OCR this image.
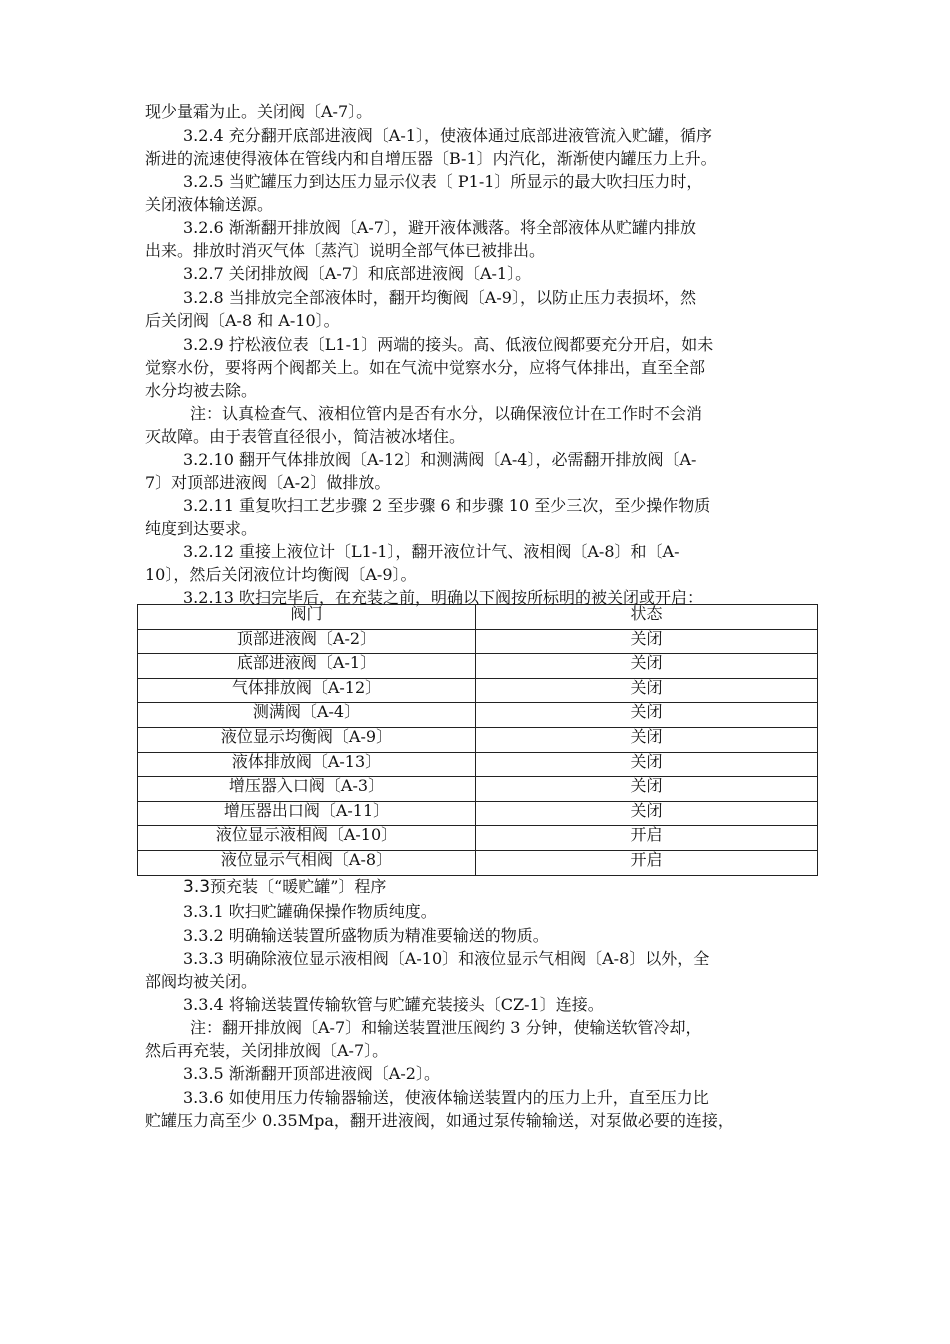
现少量霜为止。关闭阀〔A-7〕。

3.2.4 充分翻开底部进液阀〔A-1〕，使液体通过底部进液管流入贮罐，循序

渐进的流速使得液体在管线内和自增压器〔B-1〕内汽化，渐渐使内罐压力上升。

3.2.5 当贮罐压力到达压力显示仪表〔 P1-1〕所显示的最大吹扫压力时，

关闭液体输送源。

3.2.6 渐渐翻开排放阀〔A-7〕，避开液体溅落。将全部液体从贮罐内排放

出来。排放时消灭气体〔蒸汽〕说明全部气体已被排出。

3.2.7 关闭排放阀〔A-7〕和底部进液阀〔A-1〕。

3.2.8 当排放完全部液体时，翻开均衡阀〔A-9〕，以防止压力表损坏，然

后关闭阀〔A-8 和 A-10〕。

3.2.9 拧松液位表〔L1-1〕两端的接头。高、低液位阀都要充分开启，如未

觉察水份，要将两个阀都关上。如在气流中觉察水分，应将气体排出，直至全部

水分均被去除。

注：认真检查气、液相位管内是否有水分，以确保液位计在工作时不会消

灭故障。由于表管直径很小，简洁被冰堵住。

3.2.10 翻开气体排放阀〔A-12〕和测满阀〔A-4〕，必需翻开排放阀〔A-

7〕对顶部进液阀〔A-2〕做排放。

3.2.11 重复吹扫工艺步骤 2 至步骤 6 和步骤 10 至少三次，至少操作物质

纯度到达要求。

3.2.12 重接上液位计〔L1-1〕，翻开液位计气、液相阀〔A-8〕和〔A-

10〕，然后关闭液位计均衡阀〔A-9〕。

3.2.13 吹扫完毕后，在充装之前，明确以下阀按所标明的被关闭或开启：

阀门	状态
顶部进液阀〔A-2〕	关闭
底部进液阀〔A-1〕	关闭
气体排放阀〔A-12〕	关闭
测满阀〔A-4〕	关闭
液位显示均衡阀〔A-9〕	关闭
液体排放阀〔A-13〕	关闭
增压器入口阀〔A-3〕	关闭
增压器出口阀〔A-11〕	关闭
液位显示液相阀〔A-10〕	开启
液位显示气相阀〔A-8〕	开启
3.3预充装〔“暖贮罐”〕程序

3.3.1 吹扫贮罐确保操作物质纯度。

3.3.2 明确输送装置所盛物质为精准要输送的物质。

3.3.3 明确除液位显示液相阀〔A-10〕和液位显示气相阀〔A-8〕以外，全

部阀均被关闭。

3.3.4 将输送装置传输软管与贮罐充装接头〔CZ-1〕连接。

注：翻开排放阀〔A-7〕和输送装置泄压阀约 3 分钟，使输送软管冷却，

然后再充装，关闭排放阀〔A-7〕。

3.3.5 渐渐翻开顶部进液阀〔A-2〕。

3.3.6 如使用压力传输器输送，使液体输送装置内的压力上升，直至压力比

贮罐压力高至少 0.35Mpa，翻开进液阀，如通过泵传输输送，对泵做必要的连接，
